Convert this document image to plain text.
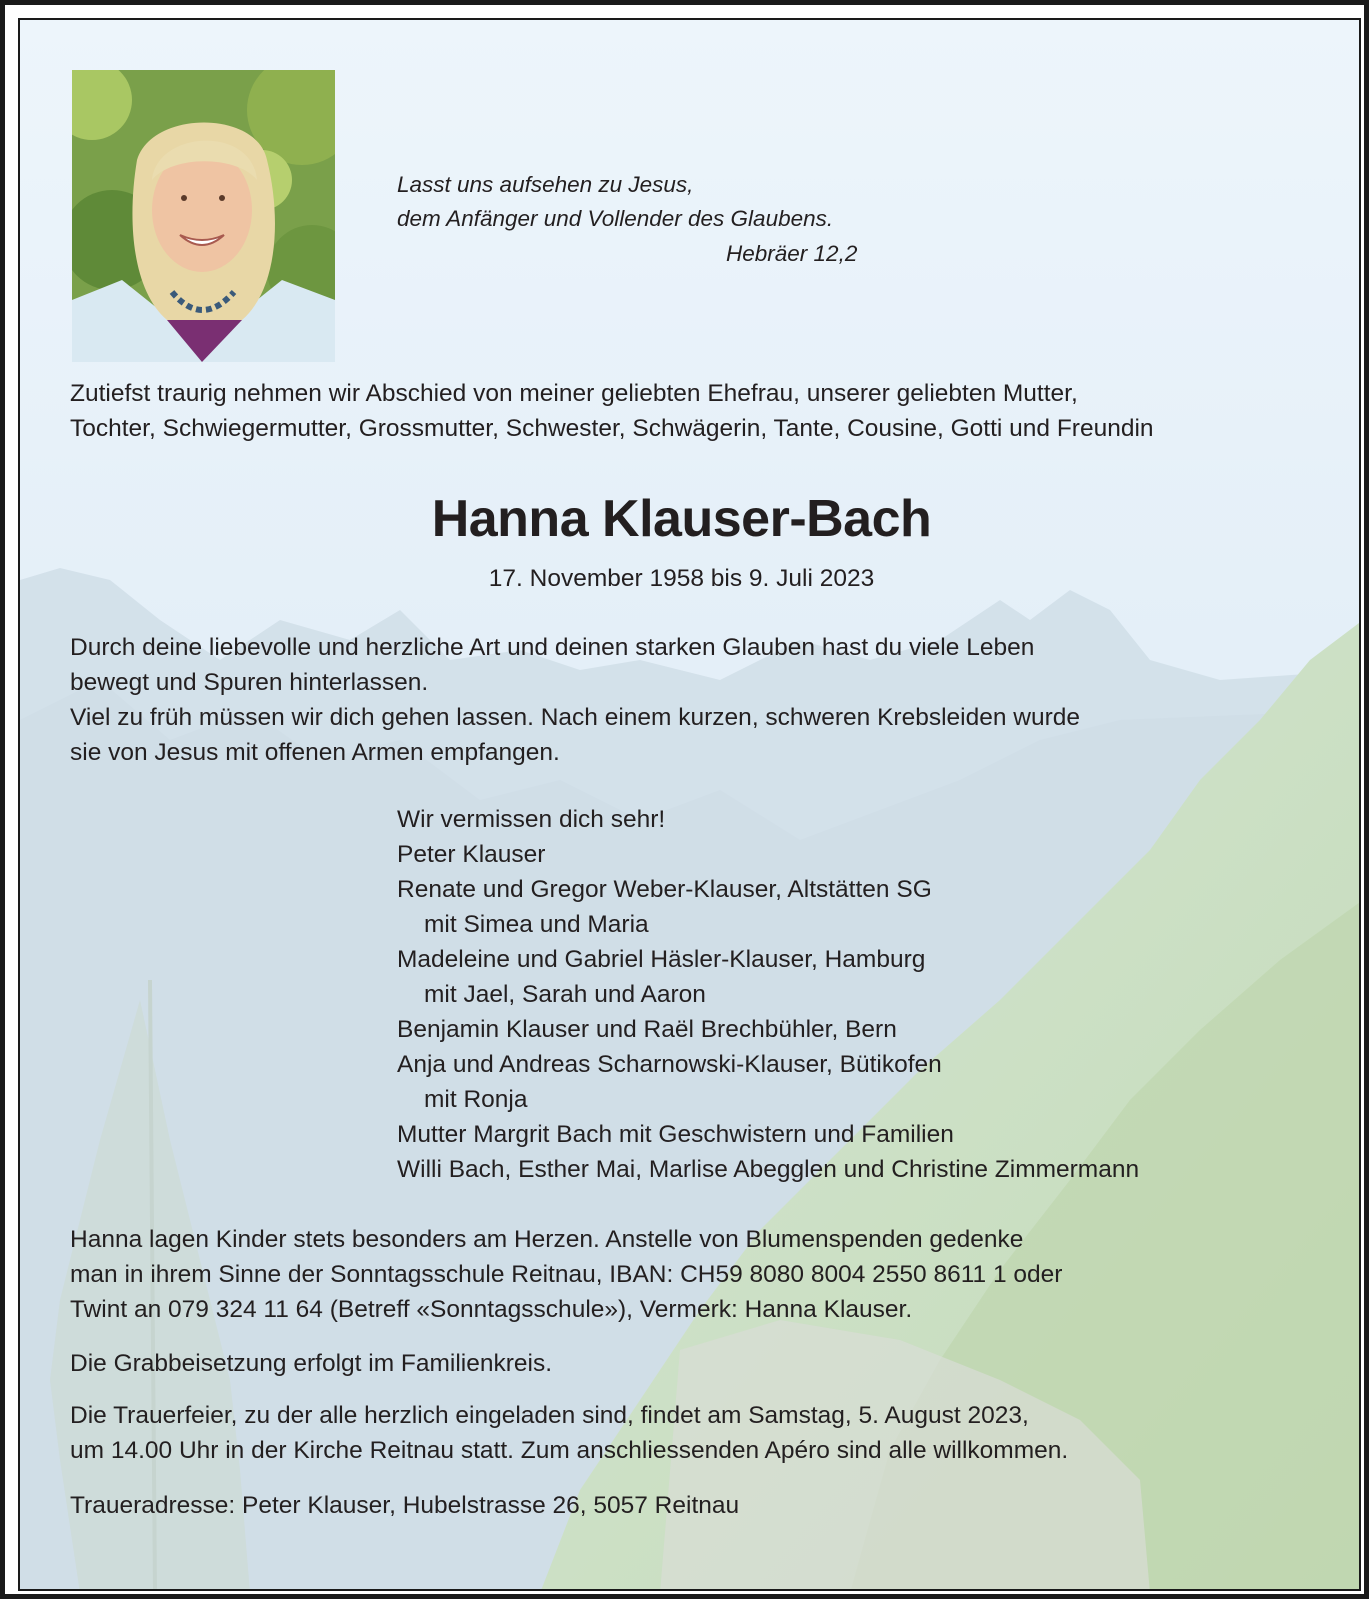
Lasst uns aufsehen zu Jesus,

dem Anfänger und Vollender des Glaubens.

Hebräer 12,2

Zutiefst traurig nehmen wir Abschied von meiner geliebten Ehefrau, unserer geliebten Mutter,

Tochter, Schwiegermutter, Grossmutter, Schwester, Schwägerin, Tante, Cousine, Gotti und Freundin

Hanna Klauser-Bach

17. November 1958 bis 9. Juli 2023

Durch deine liebevolle und herzliche Art und deinen starken Glauben hast du viele Leben

bewegt und Spuren hinterlassen.

Viel zu früh müssen wir dich gehen lassen. Nach einem kurzen, schweren Krebsleiden wurde

sie von Jesus mit offenen Armen empfangen.

Wir vermissen dich sehr!

Peter Klauser

Renate und Gregor Weber-Klauser, Altstätten SG

mit Simea und Maria

Madeleine und Gabriel Häsler-Klauser, Hamburg

mit Jael, Sarah und Aaron

Benjamin Klauser und Raël Brechbühler, Bern

Anja und Andreas Scharnowski-Klauser, Bütikofen

mit Ronja

Mutter Margrit Bach mit Geschwistern und Familien

Willi Bach, Esther Mai, Marlise Abegglen und Christine Zimmermann

Hanna lagen Kinder stets besonders am Herzen. Anstelle von Blumenspenden gedenke

man in ihrem Sinne der Sonntagsschule Reitnau, IBAN: CH59 8080 8004 2550 8611 1 oder

Twint an 079 324 11 64 (Betreff «Sonntagsschule»), Vermerk: Hanna Klauser.

Die Grabbeisetzung erfolgt im Familienkreis.

Die Trauerfeier, zu der alle herzlich eingeladen sind, findet am Samstag, 5. August 2023,

um 14.00 Uhr in der Kirche Reitnau statt. Zum anschliessenden Apéro sind alle willkommen.

Traueradresse: Peter Klauser, Hubelstrasse 26, 5057 Reitnau
